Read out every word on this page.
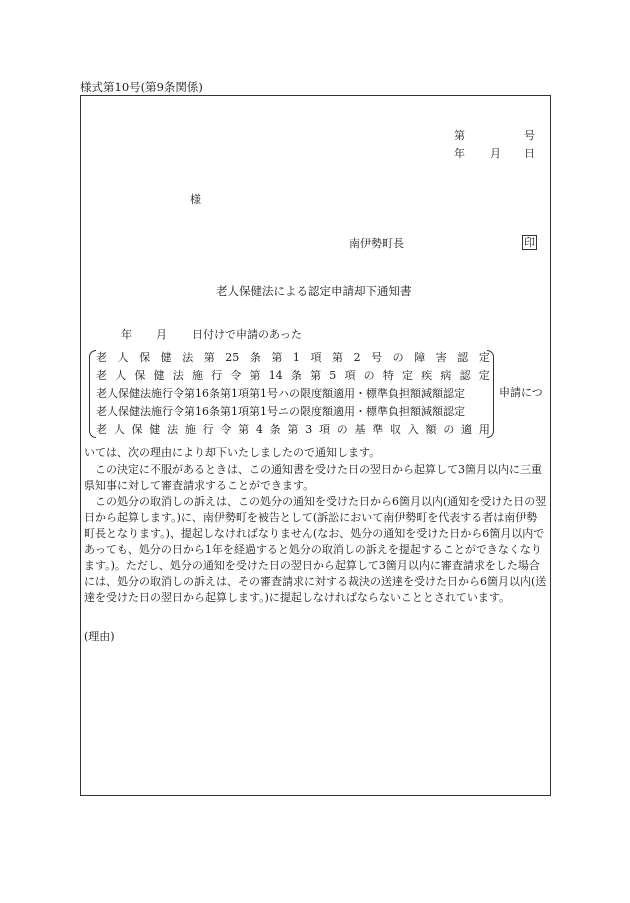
様式第10号(第9条関係)
第	号
年 月 日
様
南伊勢町長	印
老人保健法による認定申請却下通知書
年 月 日付けで申請のあった
老 人 保 健 法 第 25 条 第 1 項 第 2 号 の 障 害 認 定
老 人 保 健 法 施 行 令 第 14 条 第 5 項 の 特 定 疾 病 認 定
老人保健法施行令第16条第1項第1号ハの限度額適用・標準負担額減額認定
老人保健法施行令第16条第1項第1号ニの限度額適用・標準負担額減額認定
老 人 保 健 法 施 行 令 第 4 条 第 3 項 の 基 準 収 入 額 の 適 用
申請につ
いては、次の理由により却下いたしましたので通知します。

この決定に不服があるときは、この通知書を受けた日の翌日から起算して3箇月以内に三重県知事に対して審査請求することができます。

この処分の取消しの訴えは、この処分の通知を受けた日から6箇月以内(通知を受けた日の翌日から起算します。)に、南伊勢町を被告として(訴訟において南伊勢町を代表する者は南伊勢町長となります。)、提起しなければなりません(なお、処分の通知を受けた日から6箇月以内であっても、処分の日から1年を経過すると処分の取消しの訴えを提起することができなくなります。)。ただし、処分の通知を受けた日の翌日から起算して3箇月以内に審査請求をした場合には、処分の取消しの訴えは、その審査請求に対する裁決の送達を受けた日から6箇月以内(送達を受けた日の翌日から起算します。)に提起しなければならないこととされています。

(理由)
